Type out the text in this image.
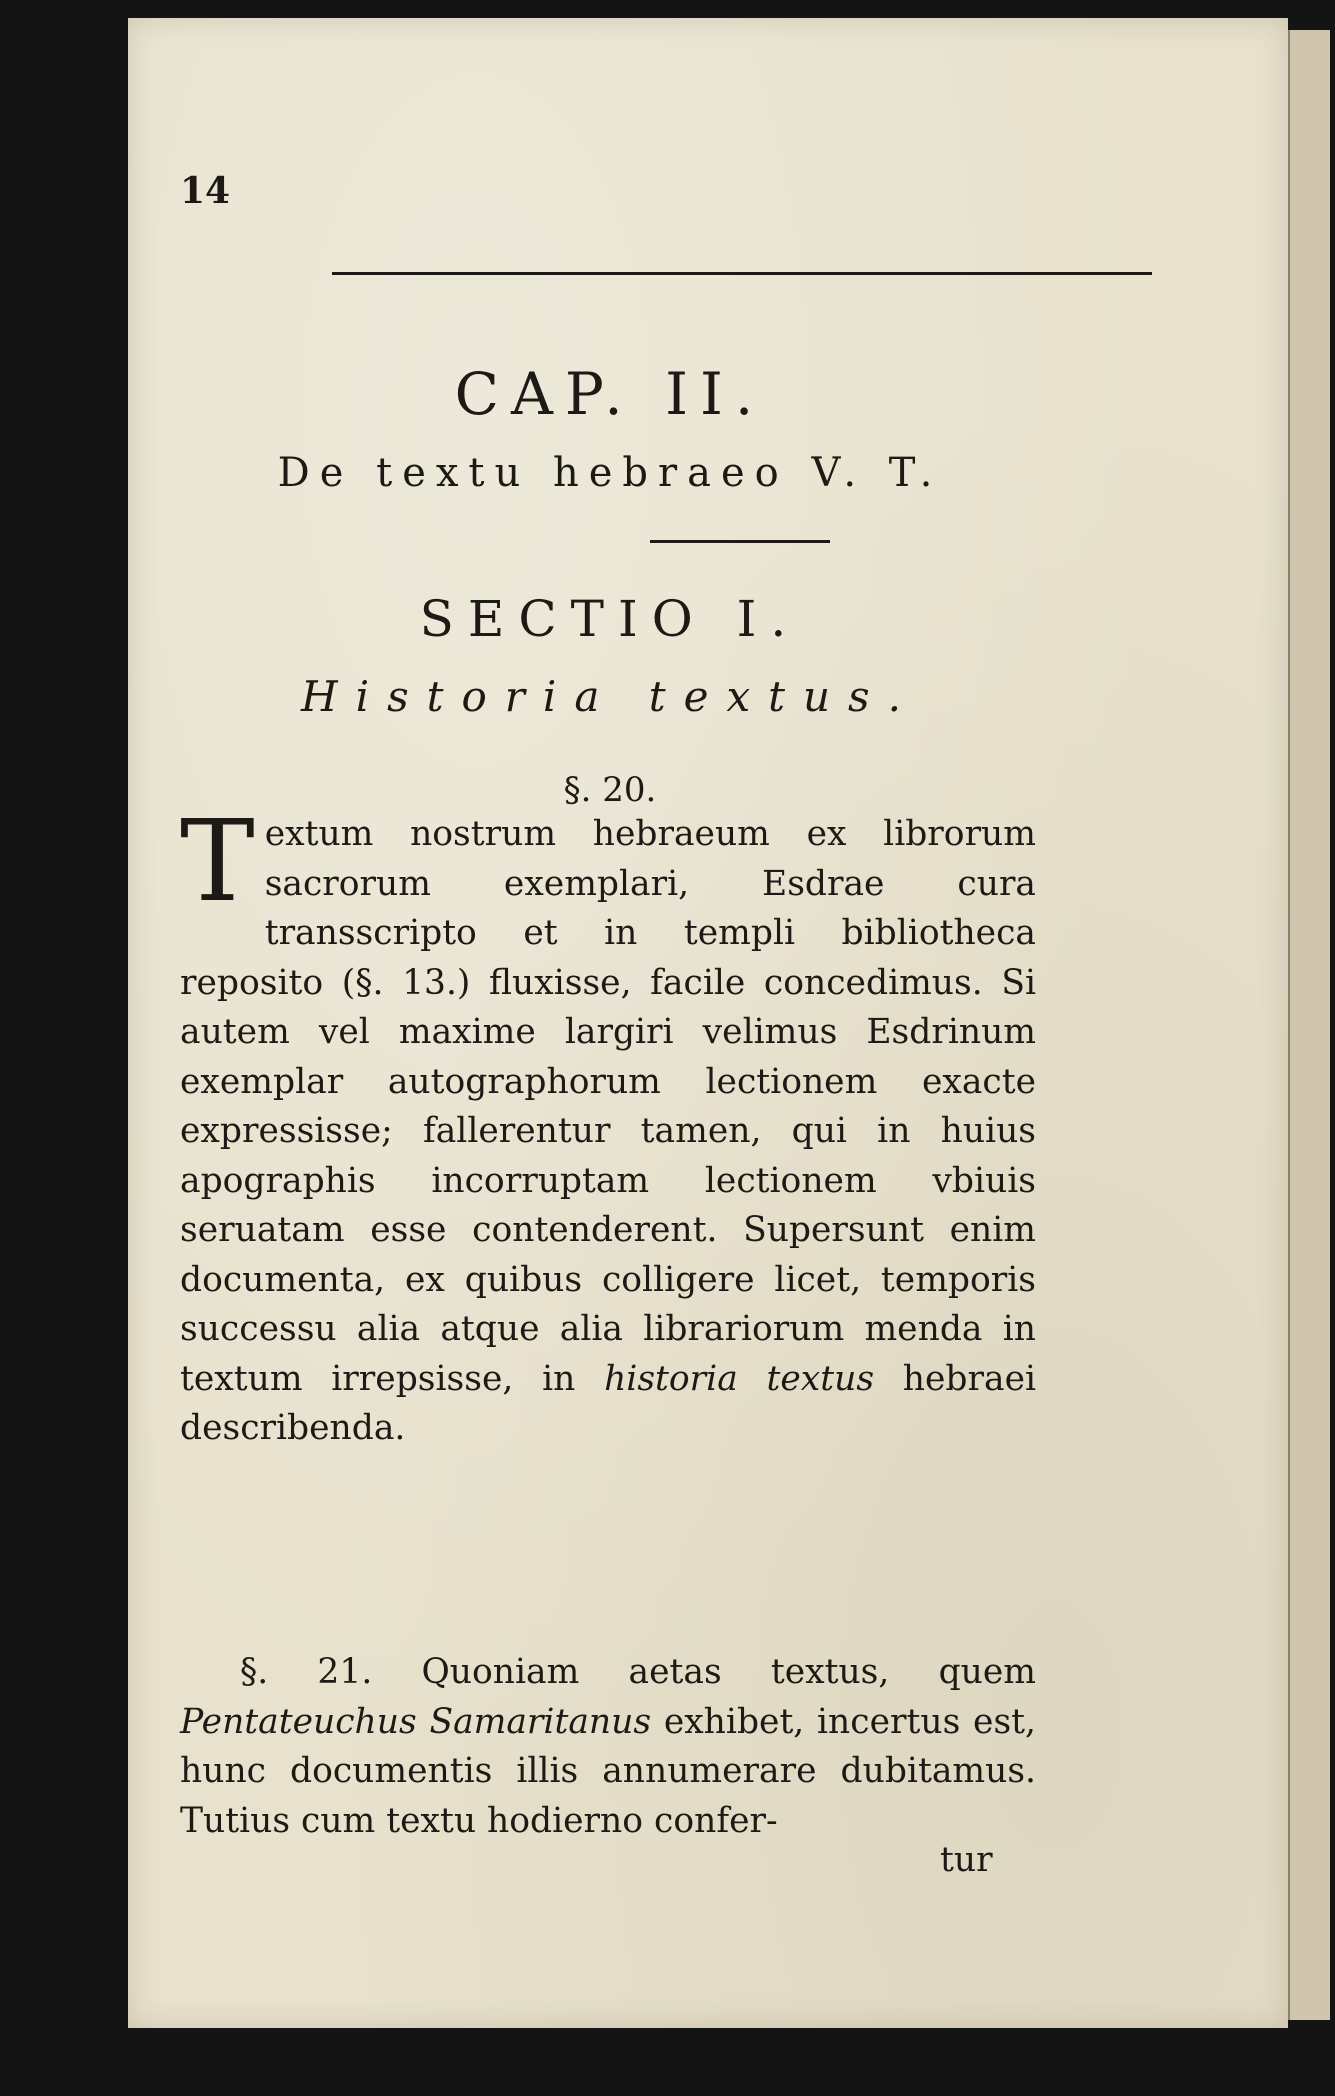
14
CAP. II.
De textu hebraeo V. T.
SECTIO I.
Historia textus.
§. 20.
Textum nostrum hebraeum ex librorum sacrorum exemplari, Esdrae cura transscripto et in templi bibliotheca reposito (§. 13.) fluxisse, facile concedimus. Si autem vel maxime largiri velimus Esdrinum exemplar autographorum lectionem exacte expressisse; fallerentur tamen, qui in huius apographis incorruptam lectionem vbiuis seruatam esse contenderent. Supersunt enim documenta, ex quibus colligere licet, temporis successu alia atque alia librariorum menda in textum irrepsisse, in historia textus hebraei describenda.
§. 21. Quoniam aetas textus, quem Pentateuchus Samaritanus exhibet, incertus est, hunc documentis illis annumerare dubitamus. Tutius cum textu hodierno confer-
tur
